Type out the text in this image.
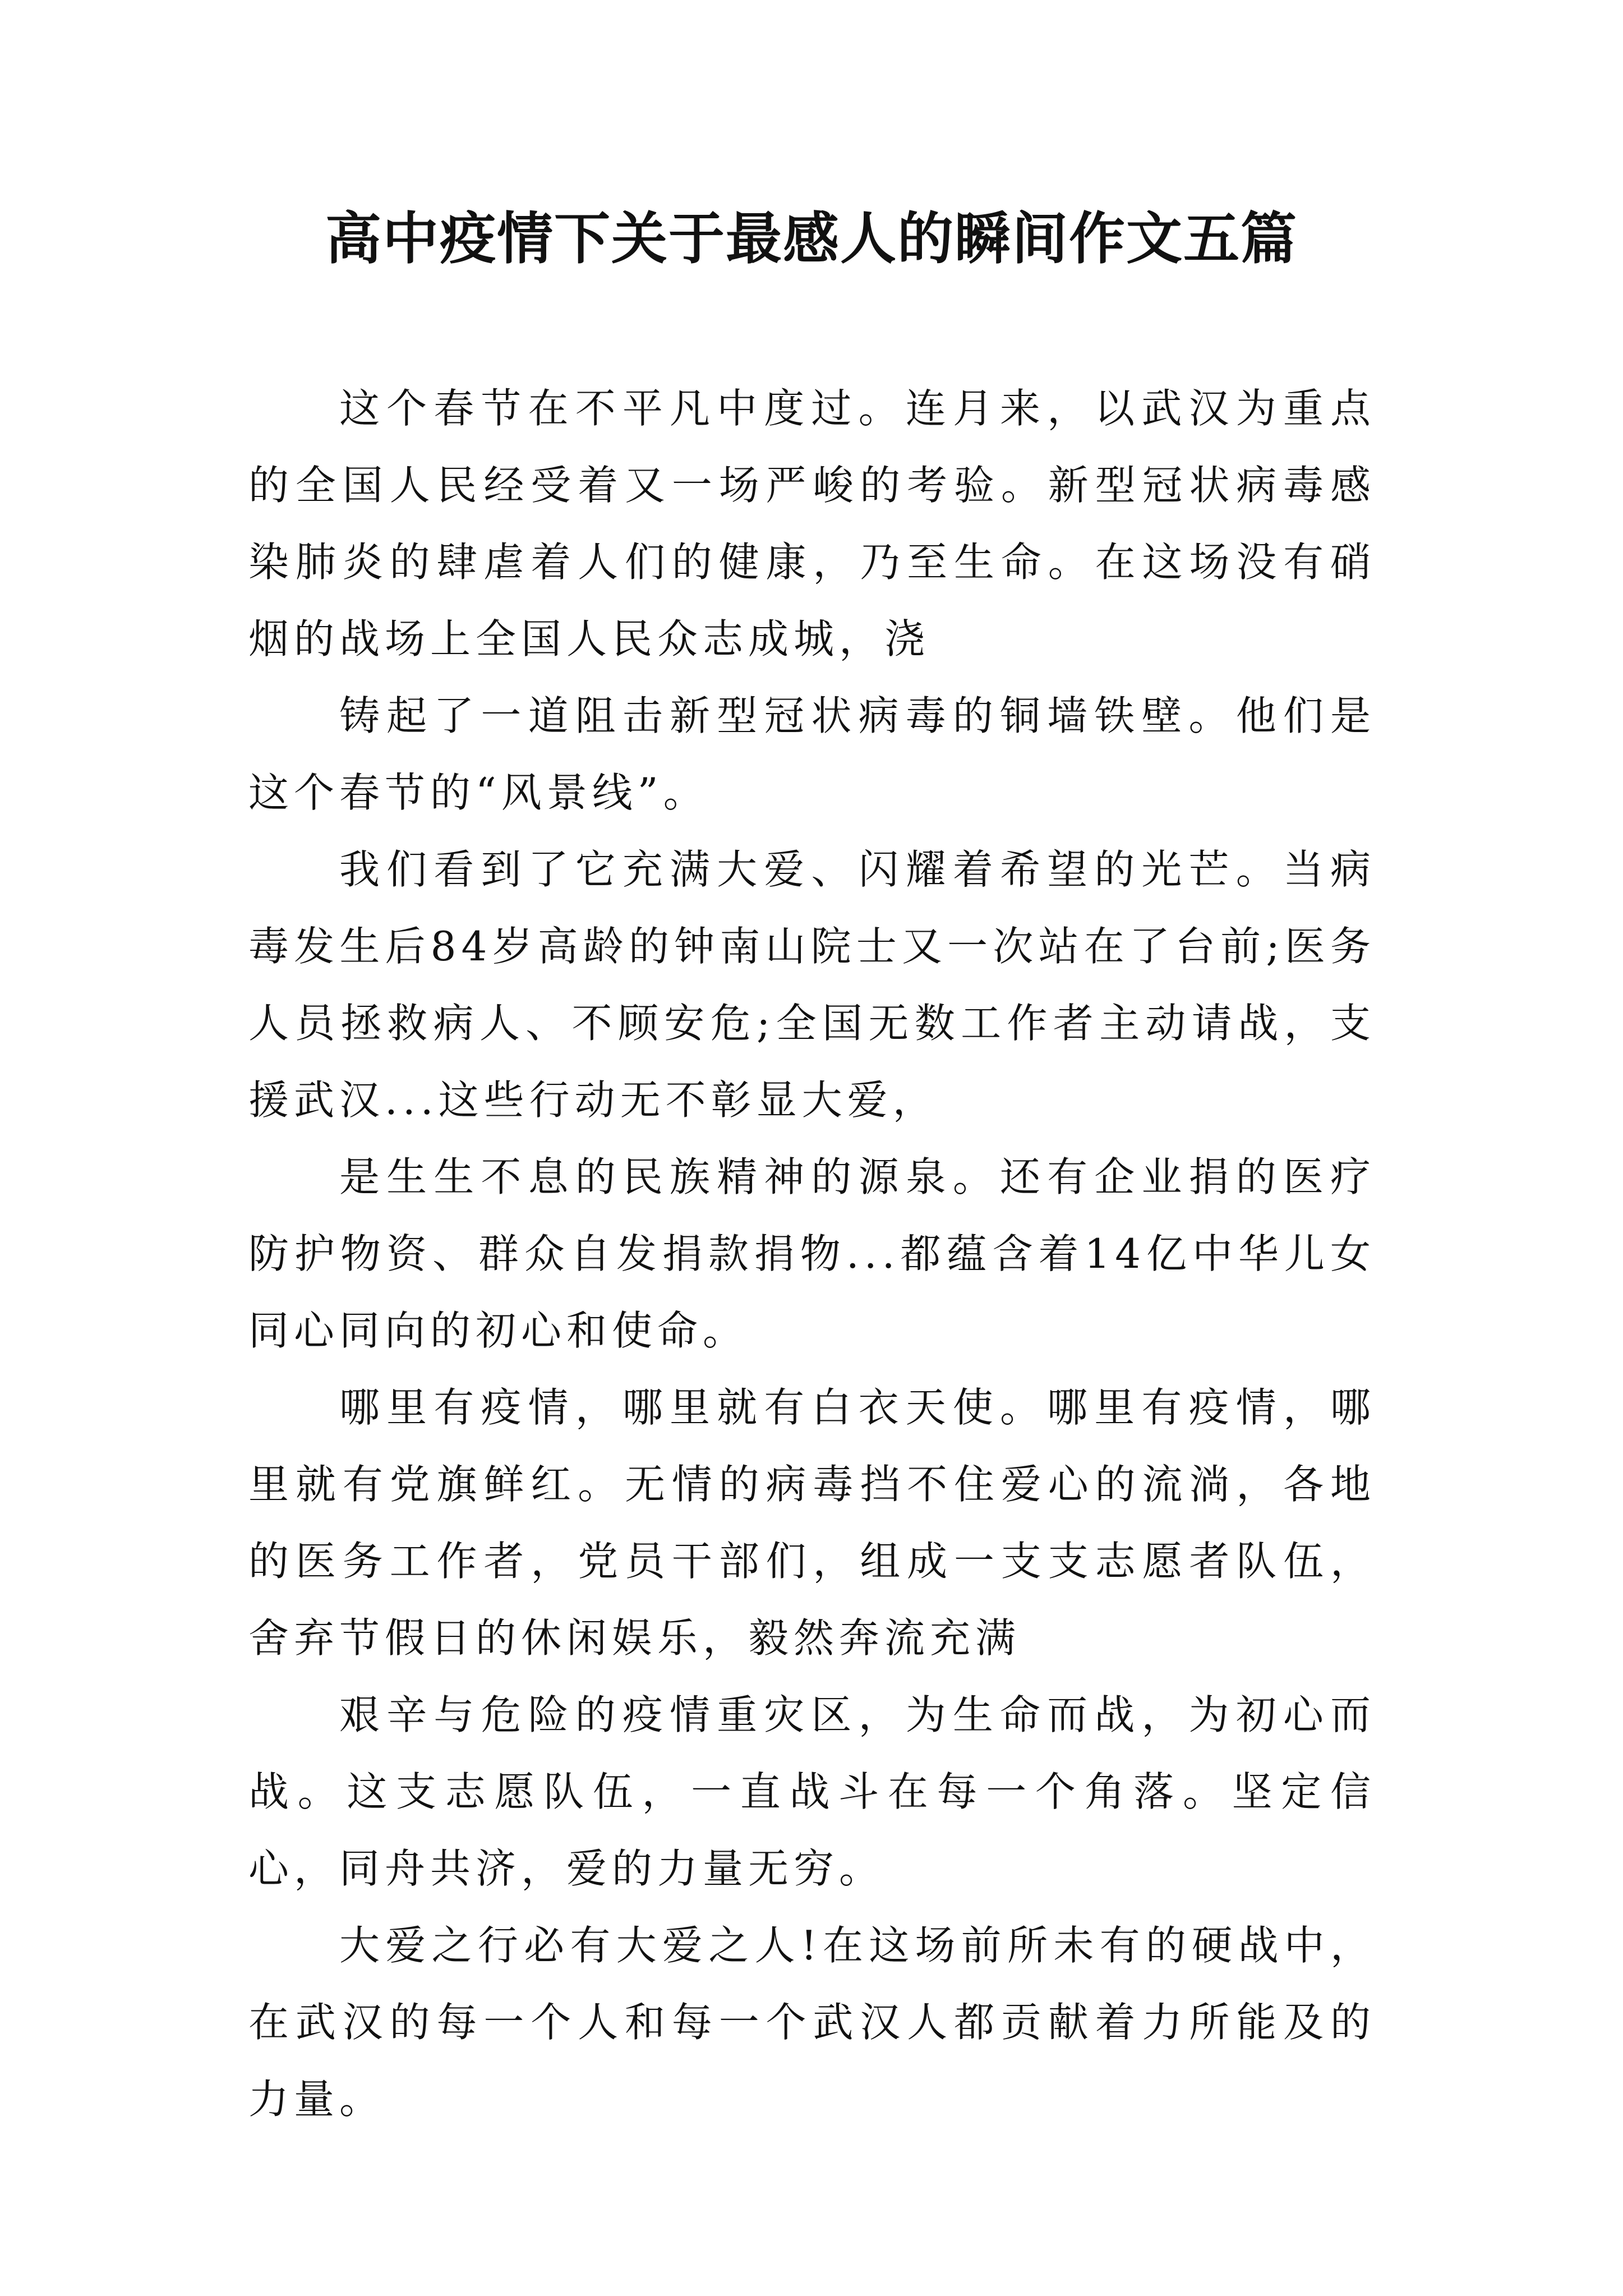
高中疫情下关于最感人的瞬间作文五篇

这个春节在不平凡中度过。连月来，以武汉为重点的全国人民经受着又一场严峻的考验。新型冠状病毒感染肺炎的肆虐着人们的健康，乃至生命。在这场没有硝烟的战场上全国人民众志成城，浇

铸起了一道阻击新型冠状病毒的铜墙铁壁。他们是这个春节的“风景线”。

我们看到了它充满大爱、闪耀着希望的光芒。当病毒发生后84岁高龄的钟南山院士又一次站在了台前;医务人员拯救病人、不顾安危;全国无数工作者主动请战，支援武汉...这些行动无不彰显大爱，

是生生不息的民族精神的源泉。还有企业捐的医疗防护物资、群众自发捐款捐物...都蕴含着14亿中华儿女同心同向的初心和使命。

哪里有疫情，哪里就有白衣天使。哪里有疫情，哪里就有党旗鲜红。无情的病毒挡不住爱心的流淌，各地的医务工作者，党员干部们，组成一支支志愿者队伍，舍弃节假日的休闲娱乐，毅然奔流充满

艰辛与危险的疫情重灾区，为生命而战，为初心而战。这支志愿队伍，一直战斗在每一个角落。坚定信心，同舟共济，爱的力量无穷。

大爱之行必有大爱之人!在这场前所未有的硬战中，在武汉的每一个人和每一个武汉人都贡献着力所能及的力量。
